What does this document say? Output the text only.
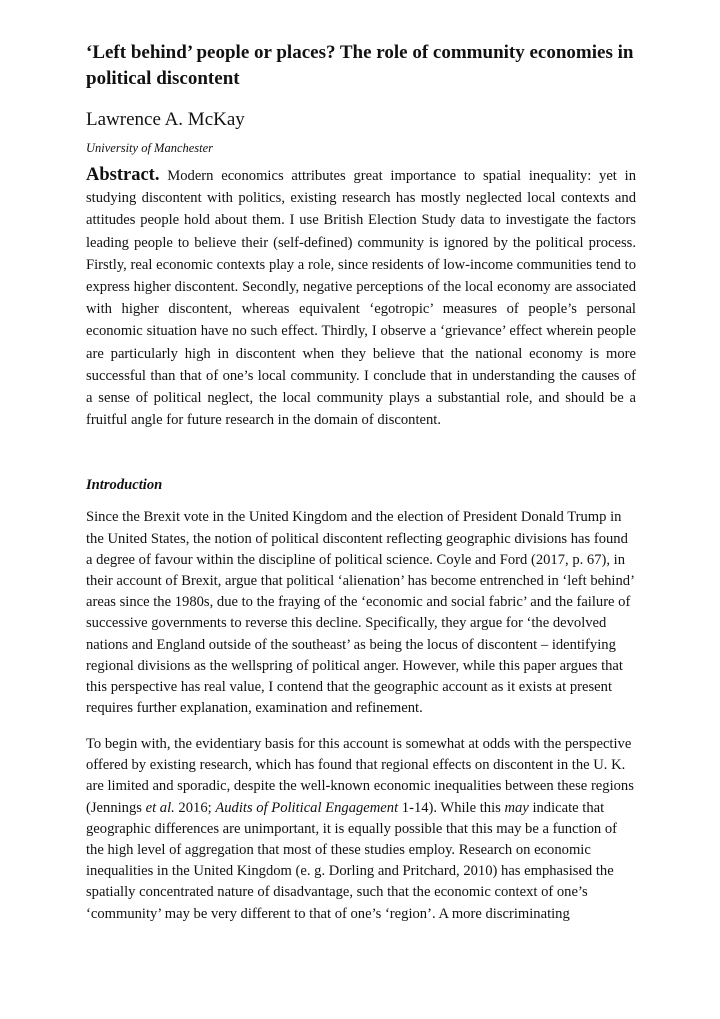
‘Left behind’ people or places? The role of community economies in political discontent
Lawrence A. McKay
University of Manchester
Abstract. Modern economics attributes great importance to spatial inequality: yet in studying discontent with politics, existing research has mostly neglected local contexts and attitudes people hold about them. I use British Election Study data to investigate the factors leading people to believe their (self-defined) community is ignored by the political process. Firstly, real economic contexts play a role, since residents of low-income communities tend to express higher discontent. Secondly, negative perceptions of the local economy are associated with higher discontent, whereas equivalent ‘egotropic’ measures of people’s personal economic situation have no such effect. Thirdly, I observe a ‘grievance’ effect wherein people are particularly high in discontent when they believe that the national economy is more successful than that of one’s local community. I conclude that in understanding the causes of a sense of political neglect, the local community plays a substantial role, and should be a fruitful angle for future research in the domain of discontent.
Introduction

Since the Brexit vote in the United Kingdom and the election of President Donald Trump in the United States, the notion of political discontent reflecting geographic divisions has found a degree of favour within the discipline of political science. Coyle and Ford (2017, p. 67), in their account of Brexit, argue that political ‘alienation’ has become entrenched in ‘left behind’ areas since the 1980s, due to the fraying of the ‘economic and social fabric’ and the failure of successive governments to reverse this decline. Specifically, they argue for ‘the devolved nations and England outside of the southeast’ as being the locus of discontent – identifying regional divisions as the wellspring of political anger. However, while this paper argues that this perspective has real value, I contend that the geographic account as it exists at present requires further explanation, examination and refinement.

To begin with, the evidentiary basis for this account is somewhat at odds with the perspective offered by existing research, which has found that regional effects on discontent in the U. K. are limited and sporadic, despite the well-known economic inequalities between these regions (Jennings et al. 2016; Audits of Political Engagement 1-14). While this may indicate that geographic differences are unimportant, it is equally possible that this may be a function of the high level of aggregation that most of these studies employ. Research on economic inequalities in the United Kingdom (e. g. Dorling and Pritchard, 2010) has emphasised the spatially concentrated nature of disadvantage, such that the economic context of one’s ‘community’ may be very different to that of one’s ‘region’. A more discriminating
